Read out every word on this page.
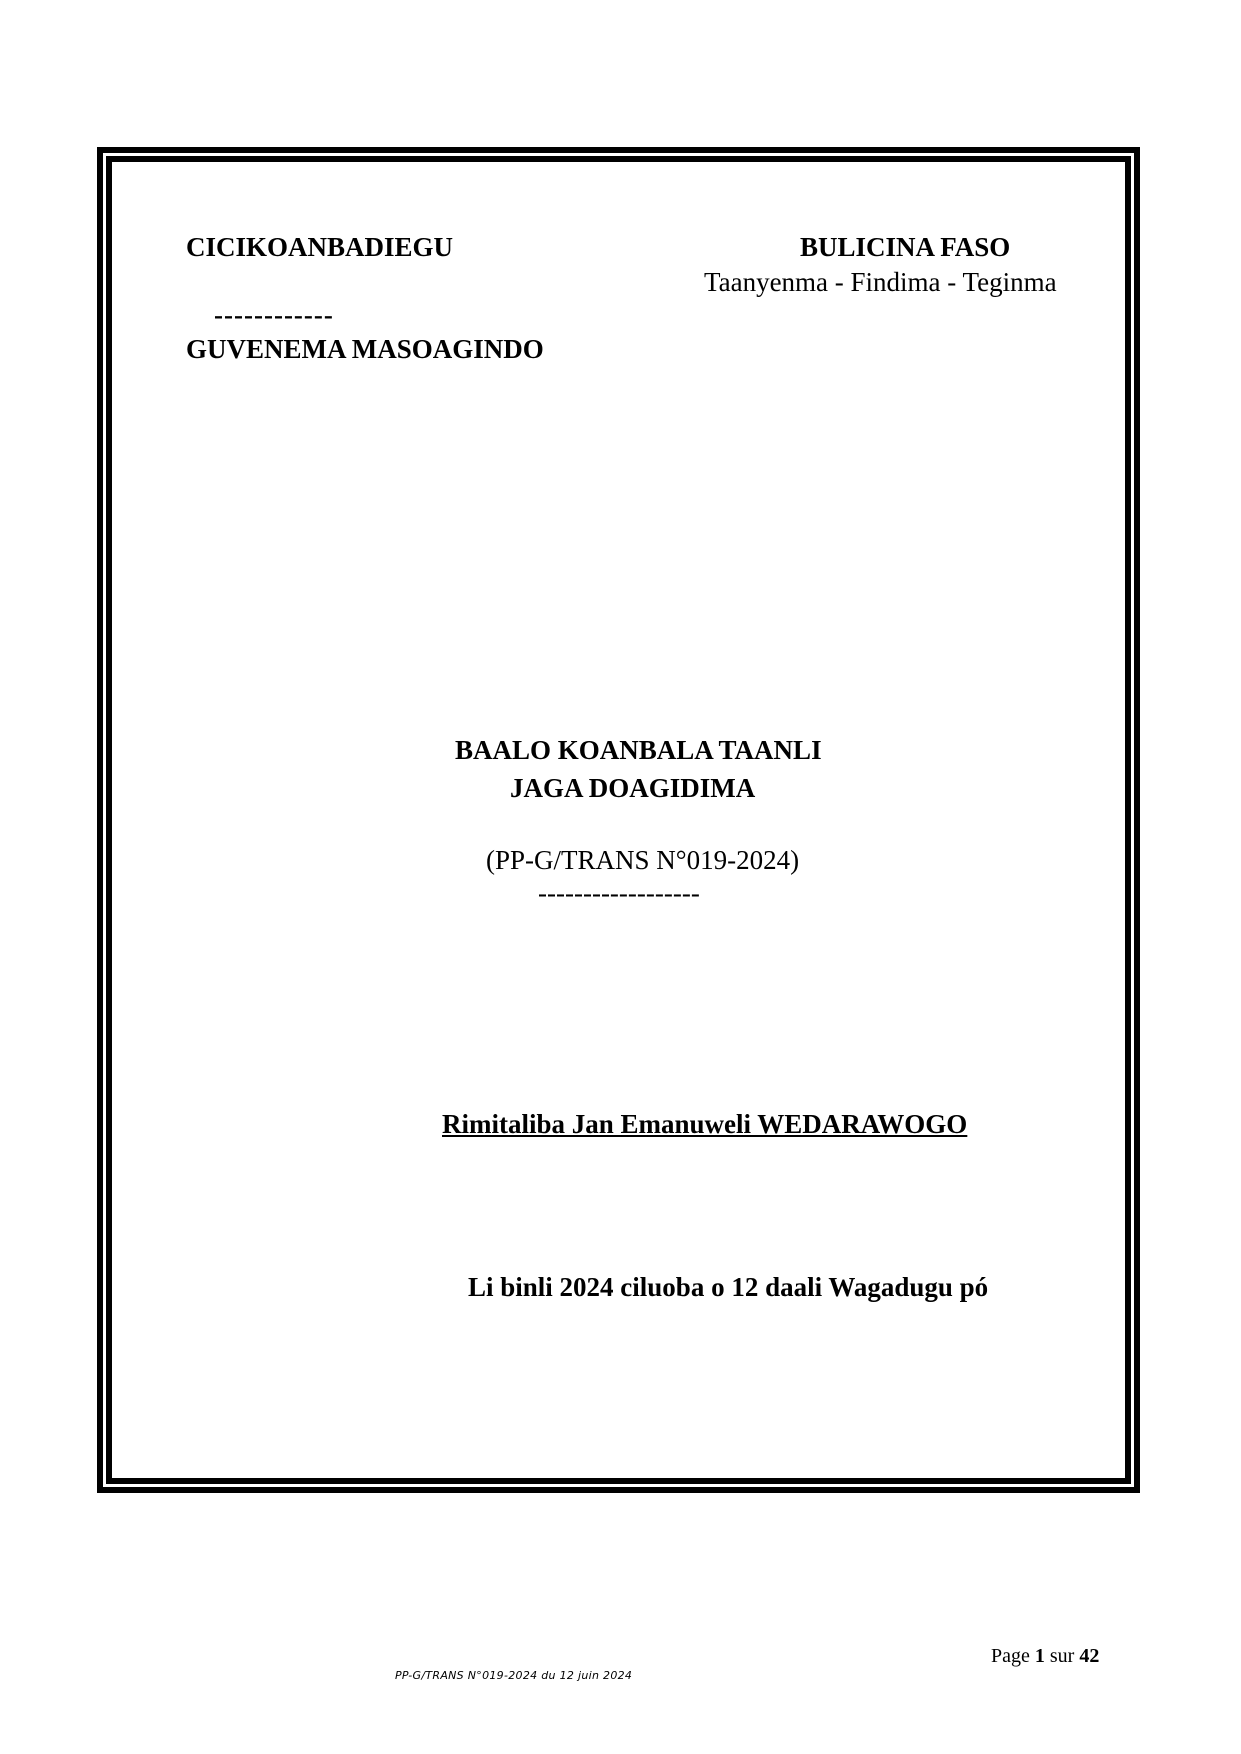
CICIKOANBADIEGU

------------

GUVENEMA MASOAGINDO

BULICINA FASO

Taanyenma - Findima - Teginma

BAALO KOANBALA TAANLI

JAGA DOAGIDIMA

(PP-G/TRANS N°019-2024)

------------------

Rimitaliba Jan Emanuweli WEDARAWOGO

Li binli 2024 ciluoba o 12 daali Wagadugu pó

Page 1 sur 42

PP-G/TRANS N°019-2024 du 12 juin 2024
